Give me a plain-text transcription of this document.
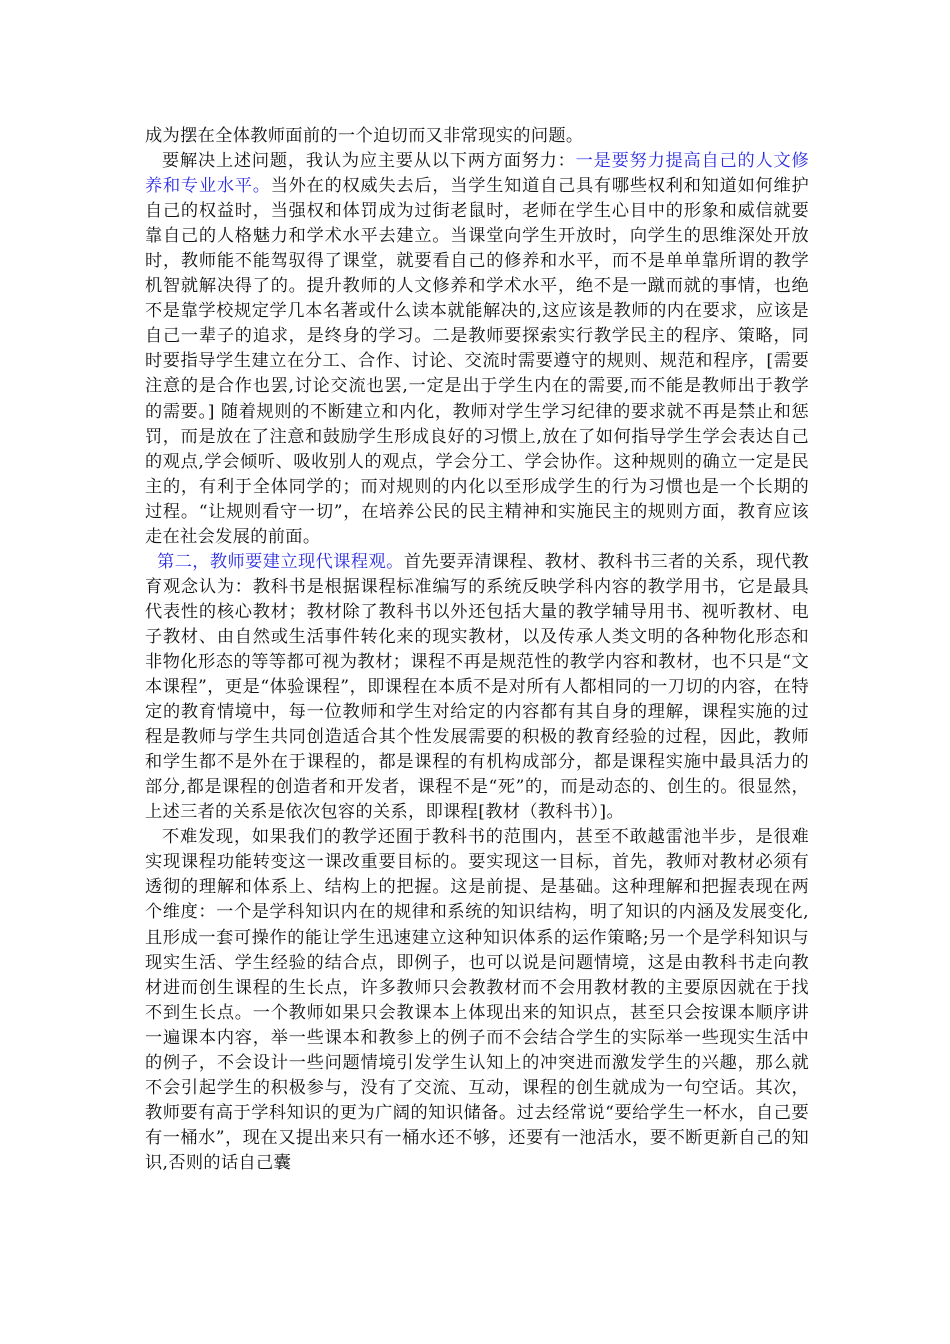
成为摆在全体教师面前的一个迫切而又非常现实的问题。

要解决上述问题，我认为应主要从以下两方面努力：一是要努力提高自己的人文修养和专业水平。当外在的权威失去后，当学生知道自己具有哪些权利和知道如何维护自己的权益时，当强权和体罚成为过街老鼠时，老师在学生心目中的形象和威信就要靠自己的人格魅力和学术水平去建立。当课堂向学生开放时，向学生的思维深处开放时，教师能不能驾驭得了课堂，就要看自己的修养和水平，而不是单单靠所谓的教学机智就解决得了的。提升教师的人文修养和学术水平，绝不是一蹴而就的事情，也绝不是靠学校规定学几本名著或什么读本就能解决的,这应该是教师的内在要求，应该是自己一辈子的追求，是终身的学习。二是教师要探索实行教学民主的程序、策略，同时要指导学生建立在分工、合作、讨论、交流时需要遵守的规则、规范和程序，[需要注意的是合作也罢,讨论交流也罢,一定是出于学生内在的需要,而不能是教师出于教学的需要。] 随着规则的不断建立和内化，教师对学生学习纪律的要求就不再是禁止和惩罚，而是放在了注意和鼓励学生形成良好的习惯上,放在了如何指导学生学会表达自己的观点,学会倾听、吸收别人的观点，学会分工、学会协作。这种规则的确立一定是民主的，有利于全体同学的；而对规则的内化以至形成学生的行为习惯也是一个长期的过程。“让规则看守一切”，在培养公民的民主精神和实施民主的规则方面，教育应该走在社会发展的前面。

第二，教师要建立现代课程观。首先要弄清课程、教材、教科书三者的关系，现代教育观念认为：教科书是根据课程标准编写的系统反映学科内容的教学用书，它是最具代表性的核心教材；教材除了教科书以外还包括大量的教学辅导用书、视听教材、电子教材、由自然或生活事件转化来的现实教材，以及传承人类文明的各种物化形态和非物化形态的等等都可视为教材；课程不再是规范性的教学内容和教材，也不只是“文本课程”，更是“体验课程”，即课程在本质不是对所有人都相同的一刀切的内容，在特定的教育情境中，每一位教师和学生对给定的内容都有其自身的理解，课程实施的过程是教师与学生共同创造适合其个性发展需要的积极的教育经验的过程，因此，教师和学生都不是外在于课程的，都是课程的有机构成部分，都是课程实施中最具活力的部分,都是课程的创造者和开发者，课程不是“死”的，而是动态的、创生的。很显然，上述三者的关系是依次包容的关系，即课程[教材（教科书）]。

不难发现，如果我们的教学还囿于教科书的范围内，甚至不敢越雷池半步，是很难实现课程功能转变这一课改重要目标的。要实现这一目标，首先，教师对教材必须有透彻的理解和体系上、结构上的把握。这是前提、是基础。这种理解和把握表现在两个维度：一个是学科知识内在的规律和系统的知识结构，明了知识的内涵及发展变化,且形成一套可操作的能让学生迅速建立这种知识体系的运作策略;另一个是学科知识与现实生活、学生经验的结合点，即例子，也可以说是问题情境，这是由教科书走向教材进而创生课程的生长点，许多教师只会教教材而不会用教材教的主要原因就在于找不到生长点。一个教师如果只会教课本上体现出来的知识点，甚至只会按课本顺序讲一遍课本内容，举一些课本和教参上的例子而不会结合学生的实际举一些现实生活中的例子，不会设计一些问题情境引发学生认知上的冲突进而激发学生的兴趣，那么就不会引起学生的积极参与，没有了交流、互动，课程的创生就成为一句空话。其次，教师要有高于学科知识的更为广阔的知识储备。过去经常说“要给学生一杯水，自己要有一桶水”，现在又提出来只有一桶水还不够，还要有一池活水，要不断更新自己的知识,否则的话自己囊
